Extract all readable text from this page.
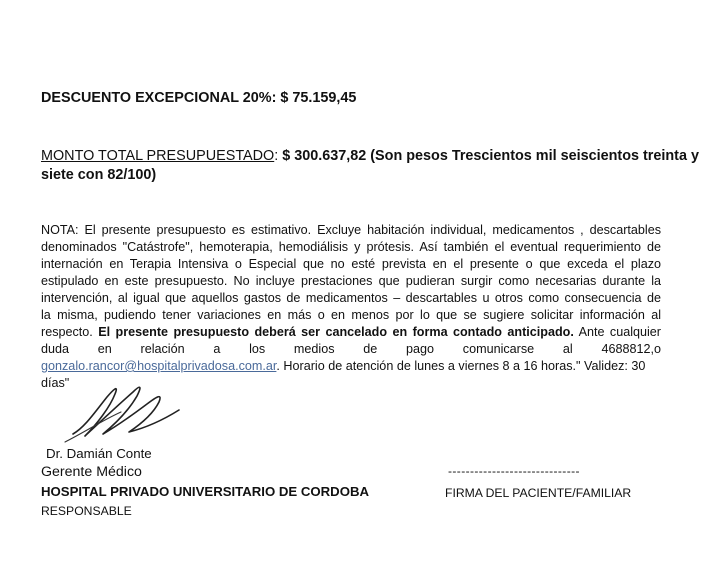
DESCUENTO EXCEPCIONAL 20%: $ 75.159,45
MONTO TOTAL PRESUPUESTADO: $ 300.637,82 (Son pesos Trescientos mil seiscientos treinta y
siete con 82/100)
NOTA: El presente presupuesto es estimativo. Excluye habitación individual, medicamentos , descartables
denominados "Catástrofe", hemoterapia, hemodiálisis y prótesis. Así también el eventual requerimiento de
internación en Terapia Intensiva o Especial que no esté prevista en el presente o que exceda el plazo
estipulado en este presupuesto. No incluye prestaciones que pudieran surgir como necesarias durante la
intervención, al igual que aquellos gastos de medicamentos – descartables u otros como consecuencia de
la misma, pudiendo tener variaciones en más o en menos por lo que se sugiere solicitar información al
respecto. El presente presupuesto deberá ser cancelado en forma contado anticipado. Ante cualquier
duda en relación a los medios de pago comunicarse al 4688812,o
gonzalo.rancor@hospitalprivadosa.com.ar. Horario de atención de lunes a viernes 8 a 16 horas." Validez: 30
días"
Dr. Damián Conte
Gerente Médico
HOSPITAL PRIVADO UNIVERSITARIO DE CORDOBA
RESPONSABLE
------------------------------
FIRMA DEL PACIENTE/FAMILIAR
